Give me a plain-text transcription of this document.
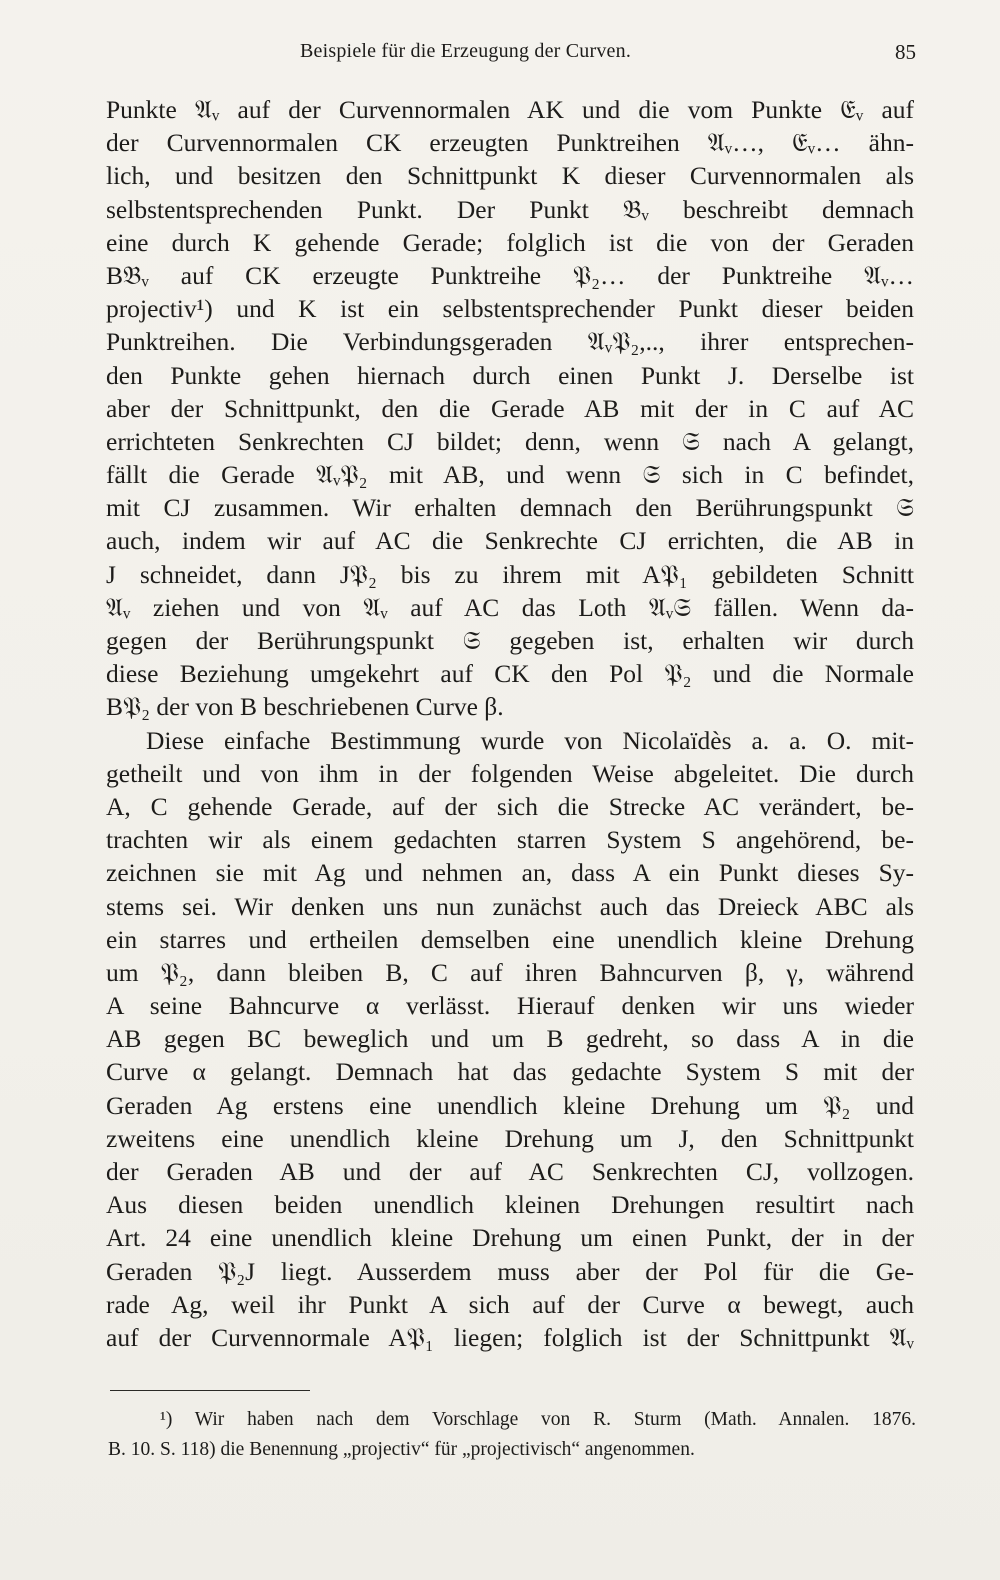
Beispiele für die Erzeugung der Curven.	85
Punkte 𝔄ᵥ auf der Curvennormalen AK und die vom Punkte 𝔈ᵥ auf
der Curvennormalen CK erzeugten Punktreihen 𝔄ᵥ…, 𝔈ᵥ… ähn-
lich, und besitzen den Schnittpunkt K dieser Curvennormalen als
selbstentsprechenden Punkt. Der Punkt 𝔅ᵥ beschreibt demnach
eine durch K gehende Gerade; folglich ist die von der Geraden
B𝔅ᵥ auf CK erzeugte Punktreihe 𝔓₂… der Punktreihe 𝔄ᵥ…
projectiv¹) und K ist ein selbstentsprechender Punkt dieser beiden
Punktreihen. Die Verbindungsgeraden 𝔄ᵥ𝔓₂,.., ihrer entsprechen-
den Punkte gehen hiernach durch einen Punkt J. Derselbe ist
aber der Schnittpunkt, den die Gerade AB mit der in C auf AC
errichteten Senkrechten CJ bildet; denn, wenn 𝔖 nach A gelangt,
fällt die Gerade 𝔄ᵥ𝔓₂ mit AB, und wenn 𝔖 sich in C befindet,
mit CJ zusammen. Wir erhalten demnach den Berührungspunkt 𝔖
auch, indem wir auf AC die Senkrechte CJ errichten, die AB in
J schneidet, dann J𝔓₂ bis zu ihrem mit A𝔓₁ gebildeten Schnitt
𝔄ᵥ ziehen und von 𝔄ᵥ auf AC das Loth 𝔄ᵥ𝔖 fällen. Wenn da-
gegen der Berührungspunkt 𝔖 gegeben ist, erhalten wir durch
diese Beziehung umgekehrt auf CK den Pol 𝔓₂ und die Normale
B𝔓₂ der von B beschriebenen Curve β.
Diese einfache Bestimmung wurde von Nicolaïdès a. a. O. mit-
getheilt und von ihm in der folgenden Weise abgeleitet. Die durch
A, C gehende Gerade, auf der sich die Strecke AC verändert, be-
trachten wir als einem gedachten starren System S angehörend, be-
zeichnen sie mit Ag und nehmen an, dass A ein Punkt dieses Sy-
stems sei. Wir denken uns nun zunächst auch das Dreieck ABC als
ein starres und ertheilen demselben eine unendlich kleine Drehung
um 𝔓₂, dann bleiben B, C auf ihren Bahncurven β, γ, während
A seine Bahncurve α verlässt. Hierauf denken wir uns wieder
AB gegen BC beweglich und um B gedreht, so dass A in die
Curve α gelangt. Demnach hat das gedachte System S mit der
Geraden Ag erstens eine unendlich kleine Drehung um 𝔓₂ und
zweitens eine unendlich kleine Drehung um J, den Schnittpunkt
der Geraden AB und der auf AC Senkrechten CJ, vollzogen.
Aus diesen beiden unendlich kleinen Drehungen resultirt nach
Art. 24 eine unendlich kleine Drehung um einen Punkt, der in der
Geraden 𝔓₂J liegt. Ausserdem muss aber der Pol für die Ge-
rade Ag, weil ihr Punkt A sich auf der Curve α bewegt, auch
auf der Curvennormale A𝔓₁ liegen; folglich ist der Schnittpunkt 𝔄ᵥ
¹) Wir haben nach dem Vorschlage von R. Sturm (Math. Annalen. 1876.
B. 10. S. 118) die Benennung „projectiv“ für „projectivisch“ angenommen.
